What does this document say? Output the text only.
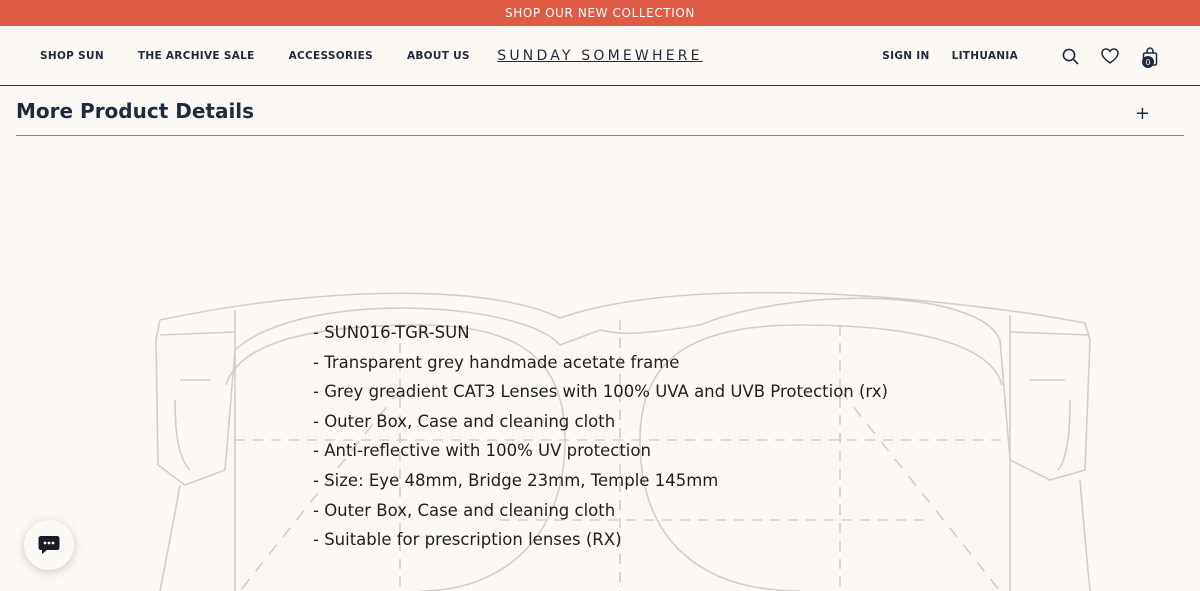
SHOP OUR NEW COLLECTION
SHOP SUN	THE ARCHIVE SALE	ACCESSORIES	ABOUT US SUNDAY SOMEWHERE	SIGN IN LITHUANIA	0
More Product Details	+
- SUN016-TGR-SUN
- Transparent grey handmade acetate frame
- Grey greadient CAT3 Lenses with 100% UVA and UVB Protection (rx)
- Outer Box, Case and cleaning cloth
- Anti-reflective with 100% UV protection
- Size: Eye 48mm, Bridge 23mm, Temple 145mm
- Outer Box, Case and cleaning cloth
- Suitable for prescription lenses (RX)
